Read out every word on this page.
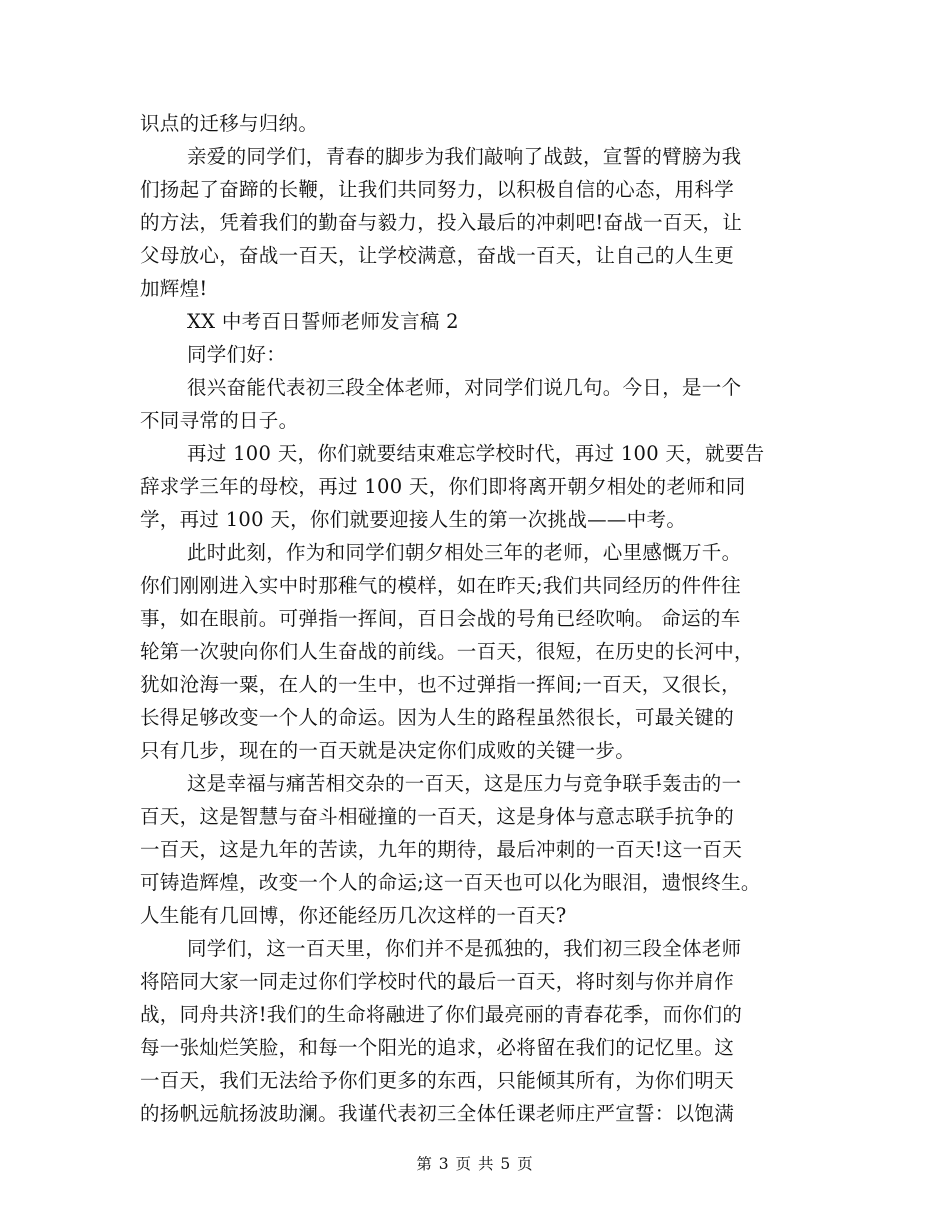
识点的迁移与归纳。
亲爱的同学们，青春的脚步为我们敲响了战鼓，宣誓的臂膀为我
们扬起了奋蹄的长鞭，让我们共同努力，以积极自信的心态，用科学
的方法，凭着我们的勤奋与毅力，投入最后的冲刺吧!奋战一百天，让
父母放心，奋战一百天，让学校满意，奋战一百天，让自己的人生更
加辉煌!
XX 中考百日誓师老师发言稿 2
同学们好：
很兴奋能代表初三段全体老师，对同学们说几句。今日，是一个
不同寻常的日子。
再过 100 天，你们就要结束难忘学校时代，再过 100 天，就要告
辞求学三年的母校，再过 100 天，你们即将离开朝夕相处的老师和同
学，再过 100 天，你们就要迎接人生的第一次挑战——中考。
此时此刻，作为和同学们朝夕相处三年的老师，心里感慨万千。
你们刚刚进入实中时那稚气的模样，如在昨天;我们共同经历的件件往
事，如在眼前。可弹指一挥间，百日会战的号角已经吹响。 命运的车
轮第一次驶向你们人生奋战的前线。一百天，很短，在历史的长河中，
犹如沧海一粟，在人的一生中，也不过弹指一挥间;一百天，又很长，
长得足够改变一个人的命运。因为人生的路程虽然很长，可最关键的
只有几步，现在的一百天就是决定你们成败的关键一步。
这是幸福与痛苦相交杂的一百天，这是压力与竞争联手轰击的一
百天，这是智慧与奋斗相碰撞的一百天，这是身体与意志联手抗争的
一百天，这是九年的苦读，九年的期待，最后冲刺的一百天!这一百天
可铸造辉煌，改变一个人的命运;这一百天也可以化为眼泪，遗恨终生。
人生能有几回博，你还能经历几次这样的一百天?
同学们，这一百天里，你们并不是孤独的，我们初三段全体老师
将陪同大家一同走过你们学校时代的最后一百天，将时刻与你并肩作
战，同舟共济!我们的生命将融进了你们最亮丽的青春花季，而你们的
每一张灿烂笑脸，和每一个阳光的追求，必将留在我们的记忆里。这
一百天，我们无法给予你们更多的东西，只能倾其所有，为你们明天
的扬帆远航扬波助澜。我谨代表初三全体任课老师庄严宣誓：以饱满
第 3 页 共 5 页
